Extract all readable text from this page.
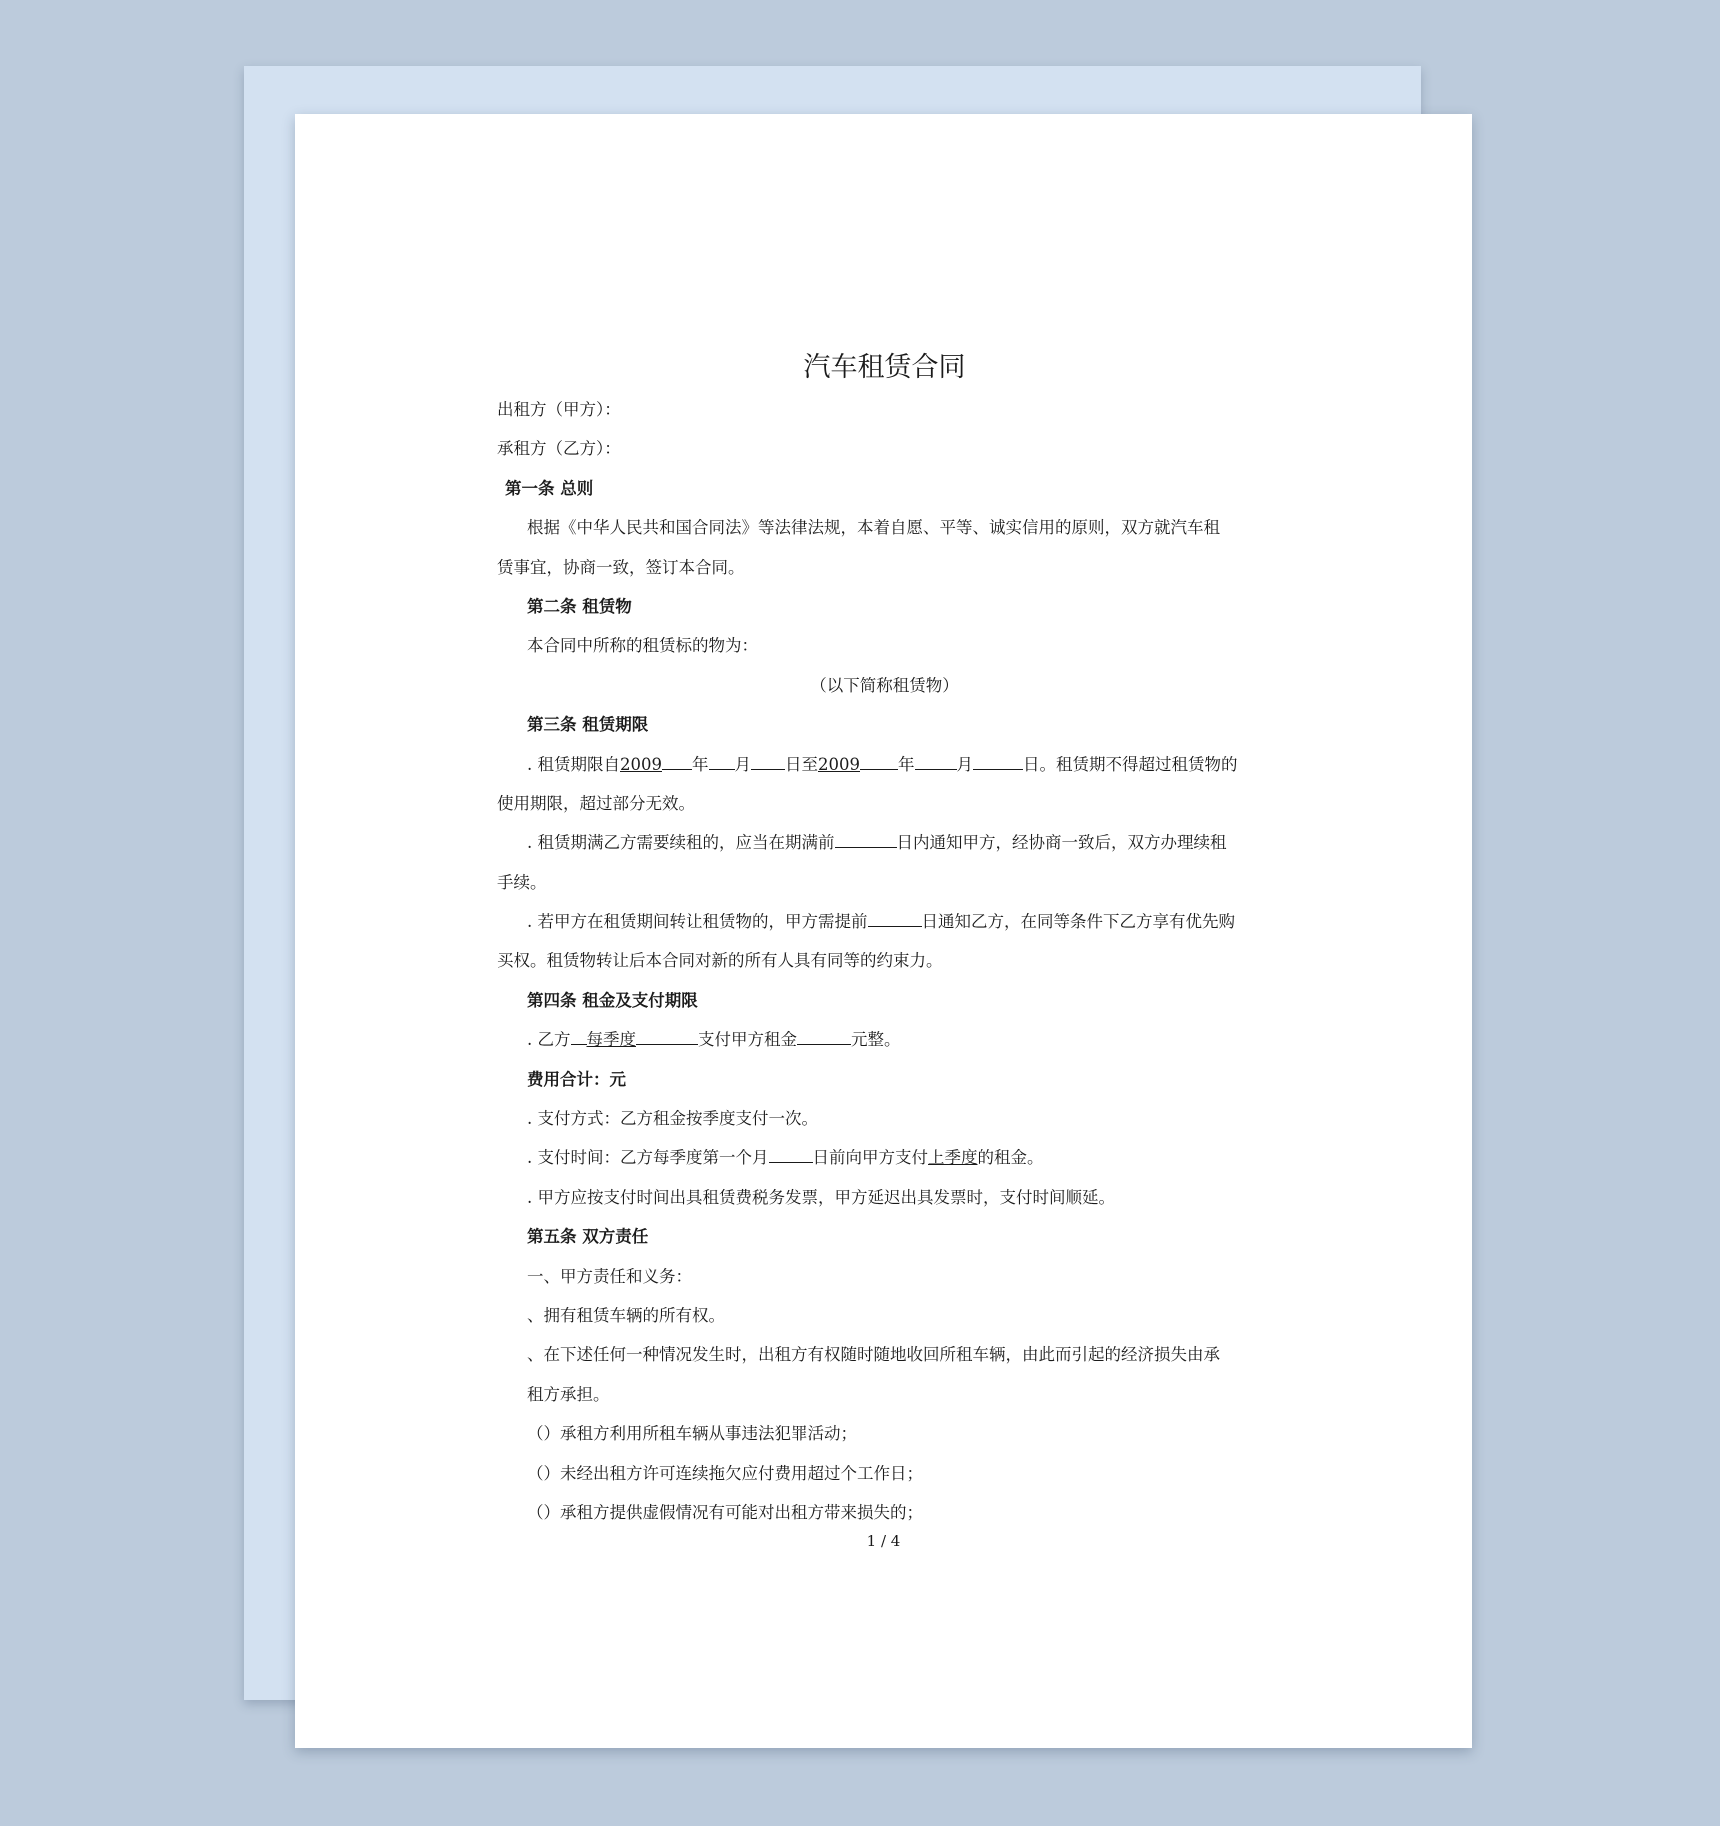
汽车租赁合同
出租方（甲方）：
承租方（乙方）：
第一条 总则
根据《中华人民共和国合同法》等法律法规，本着自愿、平等、诚实信用的原则，双方就汽车租
赁事宜，协商一致，签订本合同。
第二条 租赁物
本合同中所称的租赁标的物为：
（以下简称租赁物）
第三条 租赁期限
. 租赁期限自2009 年 月 日至2009 年	月	日。租赁期不得超过租赁物的
使用期限，超过部分无效。
. 租赁期满乙方需要续租的，应当在期满前	日内通知甲方，经协商一致后，双方办理续租
手续。
. 若甲方在租赁期间转让租赁物的，甲方需提前	日通知乙方，在同等条件下乙方享有优先购
买权。租赁物转让后本合同对新的所有人具有同等的约束力。
第四条 租金及支付期限
. 乙方 每季度	支付甲方租金	元整。
费用合计：元
. 支付方式：乙方租金按季度支付一次。
. 支付时间：乙方每季度第一个月	日前向甲方支付上季度的租金。
. 甲方应按支付时间出具租赁费税务发票，甲方延迟出具发票时，支付时间顺延。
第五条 双方责任
一、甲方责任和义务：
、拥有租赁车辆的所有权。
、在下述任何一种情况发生时，出租方有权随时随地收回所租车辆，由此而引起的经济损失由承
租方承担。
（）承租方利用所租车辆从事违法犯罪活动；
（）未经出租方许可连续拖欠应付费用超过个工作日；
（）承租方提供虚假情况有可能对出租方带来损失的；
1 / 4
